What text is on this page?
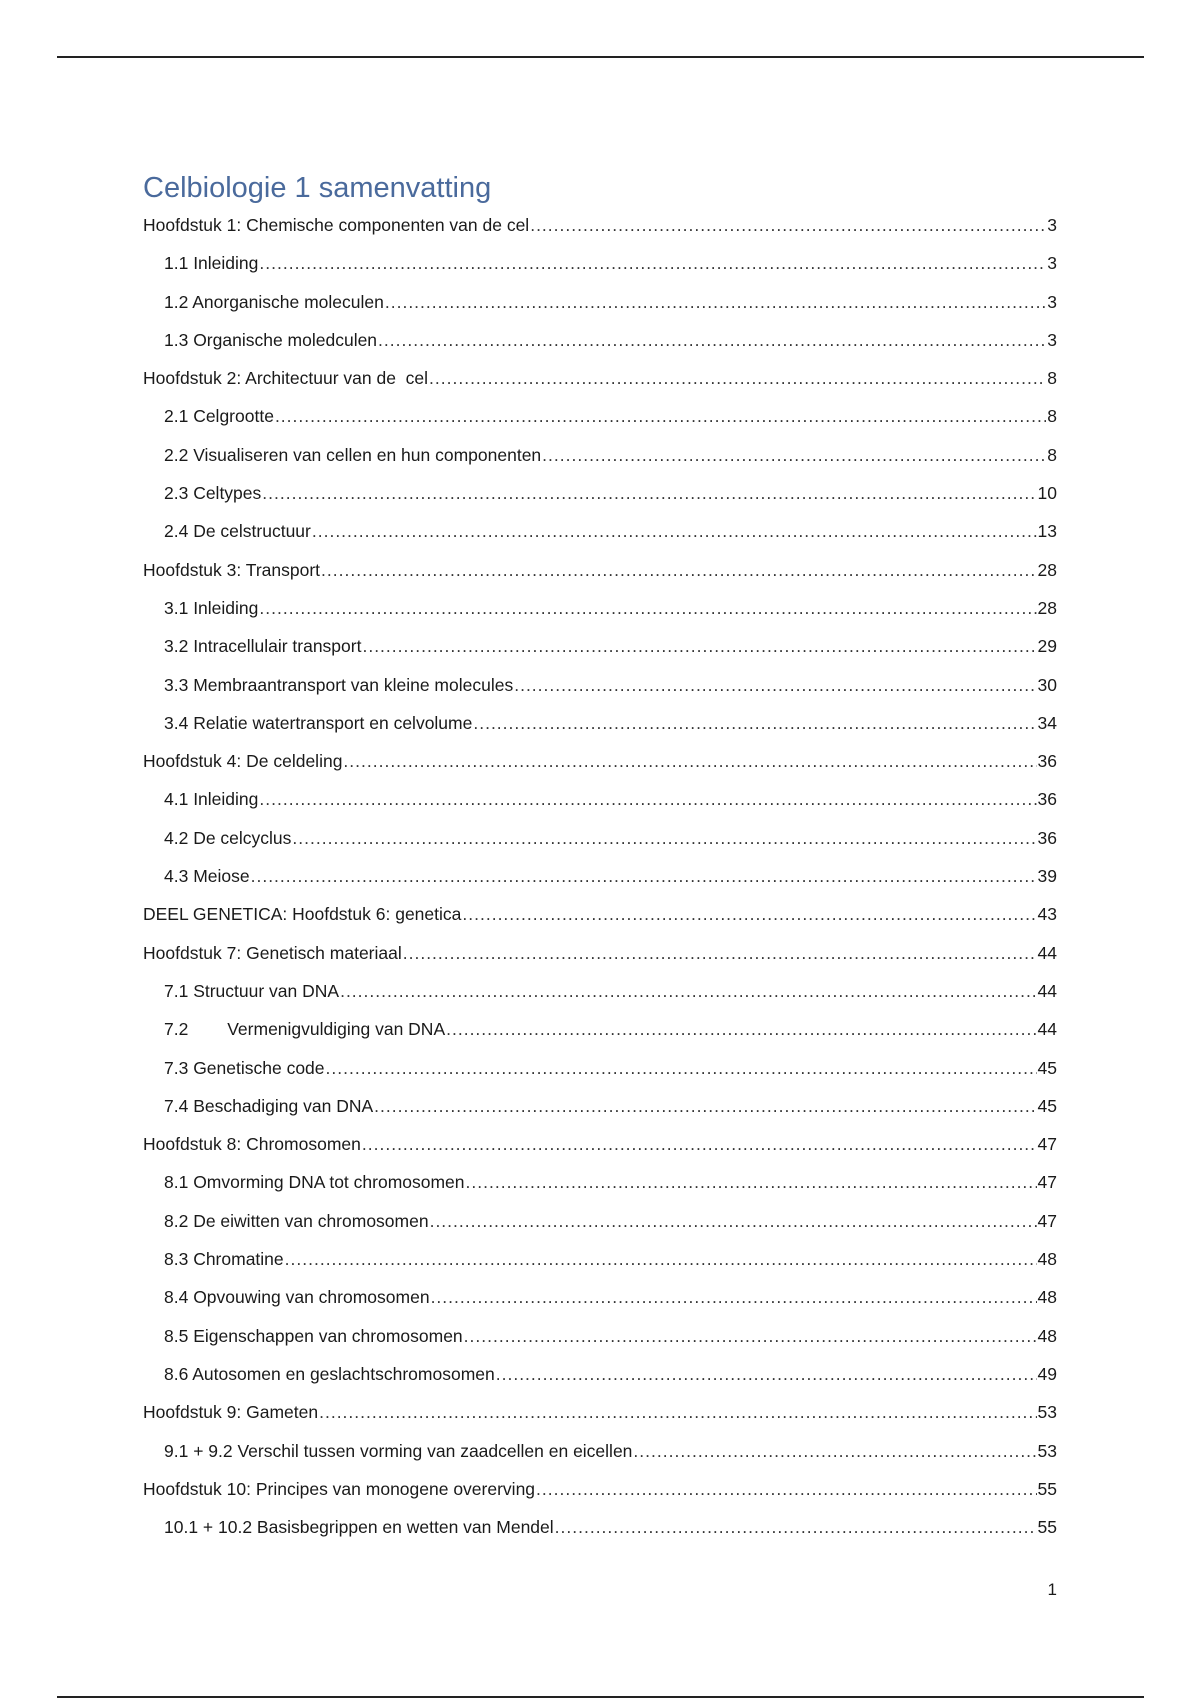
Celbiologie 1 samenvatting
Hoofdstuk 1: Chemische componenten van de cel .....	3
1.1 Inleiding .....	3
1.2 Anorganische moleculen .....	3
1.3 Organische moledculen .....	3
Hoofdstuk 2: Architectuur van de  cel .....	8
2.1 Celgrootte .....	8
2.2 Visualiseren van cellen en hun componenten .....	8
2.3 Celtypes .....	10
2.4 De celstructuur .....	13
Hoofdstuk 3: Transport .....	28
3.1 Inleiding .....	28
3.2 Intracellulair transport .....	29
3.3 Membraantransport van kleine molecules .....	30
3.4 Relatie watertransport en celvolume .....	34
Hoofdstuk 4: De celdeling .....	36
4.1 Inleiding .....	36
4.2 De celcyclus .....	36
4.3 Meiose .....	39
DEEL GENETICA: Hoofdstuk 6: genetica .....	43
Hoofdstuk 7: Genetisch materiaal .....	44
7.1 Structuur van DNA .....	44
7.2        Vermenigvuldiging van DNA .....	44
7.3 Genetische code .....	45
7.4 Beschadiging van DNA .....	45
Hoofdstuk 8: Chromosomen .....	47
8.1 Omvorming DNA tot chromosomen .....	47
8.2 De eiwitten van chromosomen .....	47
8.3 Chromatine .....	48
8.4 Opvouwing van chromosomen .....	48
8.5 Eigenschappen van chromosomen .....	48
8.6 Autosomen en geslachtschromosomen .....	49
Hoofdstuk 9: Gameten .....	53
9.1 + 9.2 Verschil tussen vorming van zaadcellen en eicellen .....	53
Hoofdstuk 10: Principes van monogene overerving .....	55
10.1 + 10.2 Basisbegrippen en wetten van Mendel .....	55
1
